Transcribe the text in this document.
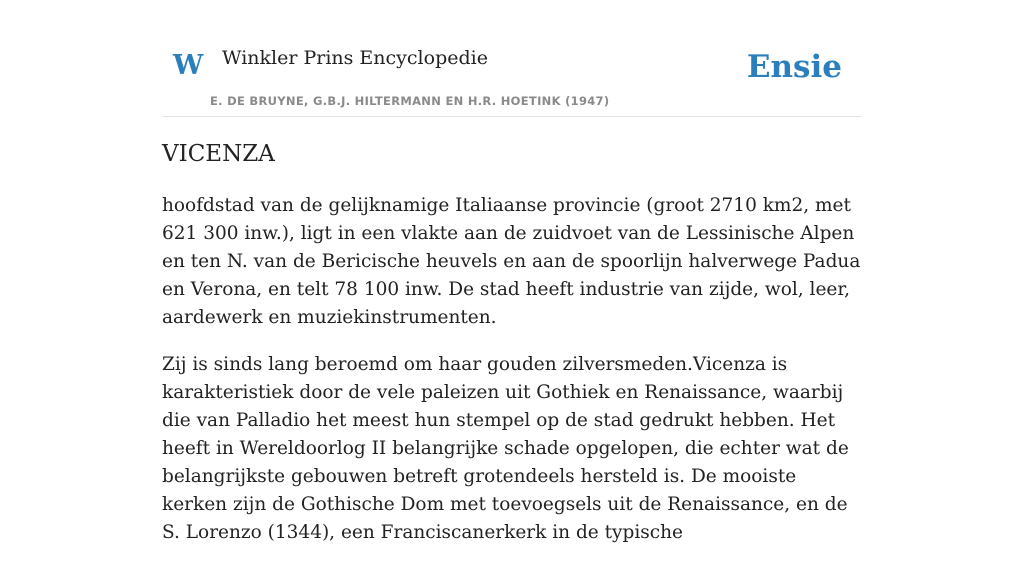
W Winkler Prins Encyclopedie
E. DE BRUYNE, G.B.J. HILTERMANN EN H.R. HOETINK (1947)
Ensie
VICENZA

hoofdstad van de gelijknamige Italiaanse provincie (groot 2710 km2, met 621 300 inw.), ligt in een vlakte aan de zuidvoet van de Lessinische Alpen en ten N. van de Bericische heuvels en aan de spoorlijn halverwege Padua en Verona, en telt 78 100 inw. De stad heeft industrie van zijde, wol, leer, aardewerk en muziekinstrumenten.

Zij is sinds lang beroemd om haar gouden zilversmeden.Vicenza is karakteristiek door de vele paleizen uit Gothiek en Renaissance, waarbij die van Palladio het meest hun stempel op de stad gedrukt hebben. Het heeft in Wereldoorlog II belangrijke schade opgelopen, die echter wat de belangrijkste gebouwen betreft grotendeels hersteld is. De mooiste kerken zijn de Gothische Dom met toevoegsels uit de Renaissance, en de S. Lorenzo (1344), een Franciscanerkerk in de typische
